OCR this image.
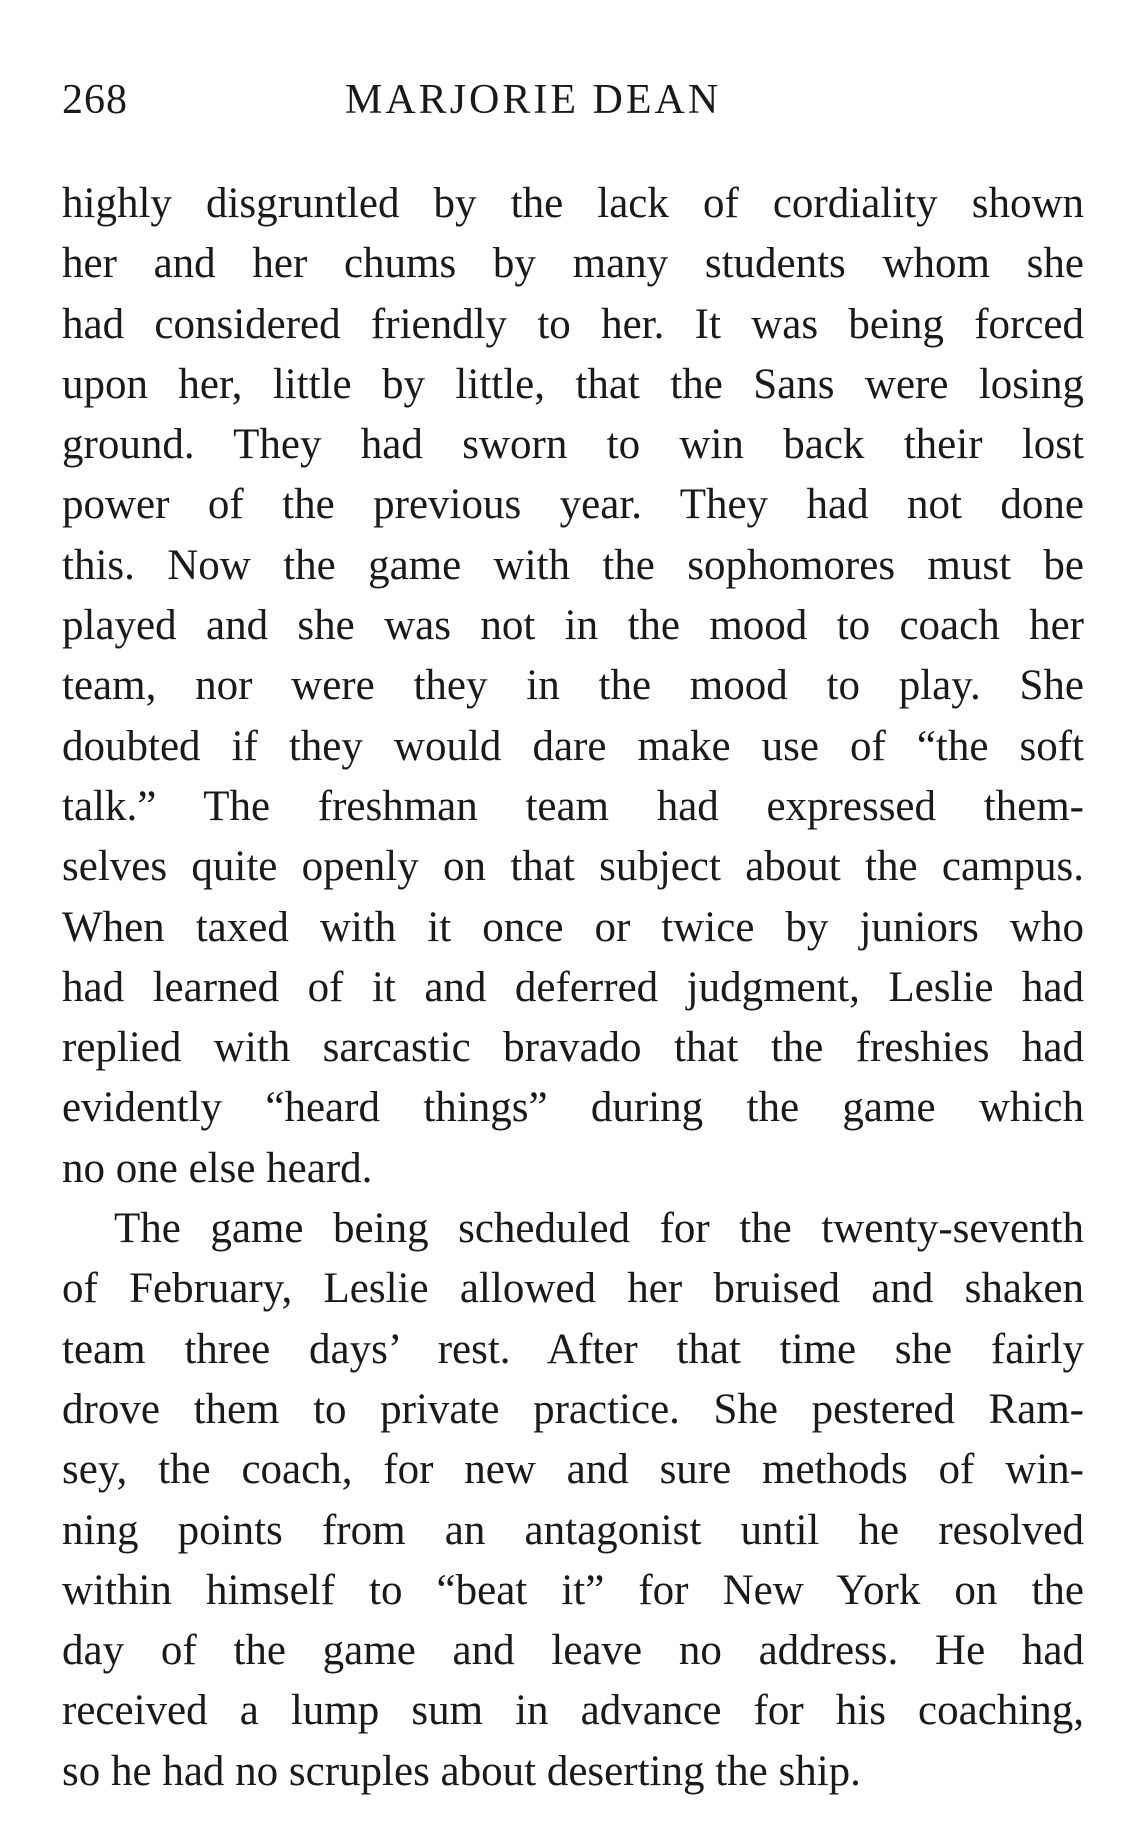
268	MARJORIE DEAN
highly disgruntled by the lack of cordiality shown
her and her chums by many students whom she
had considered friendly to her. It was being forced
upon her, little by little, that the Sans were losing
ground. They had sworn to win back their lost
power of the previous year. They had not done
this. Now the game with the sophomores must be
played and she was not in the mood to coach her
team, nor were they in the mood to play. She
doubted if they would dare make use of “the soft
talk.” The freshman team had expressed them-
selves quite openly on that subject about the campus.
When taxed with it once or twice by juniors who
had learned of it and deferred judgment, Leslie had
replied with sarcastic bravado that the freshies had
evidently “heard things” during the game which
no one else heard.
The game being scheduled for the twenty-seventh
of February, Leslie allowed her bruised and shaken
team three days’ rest. After that time she fairly
drove them to private practice. She pestered Ram-
sey, the coach, for new and sure methods of win-
ning points from an antagonist until he resolved
within himself to “beat it” for New York on the
day of the game and leave no address. He had
received a lump sum in advance for his coaching,
so he had no scruples about deserting the ship.
